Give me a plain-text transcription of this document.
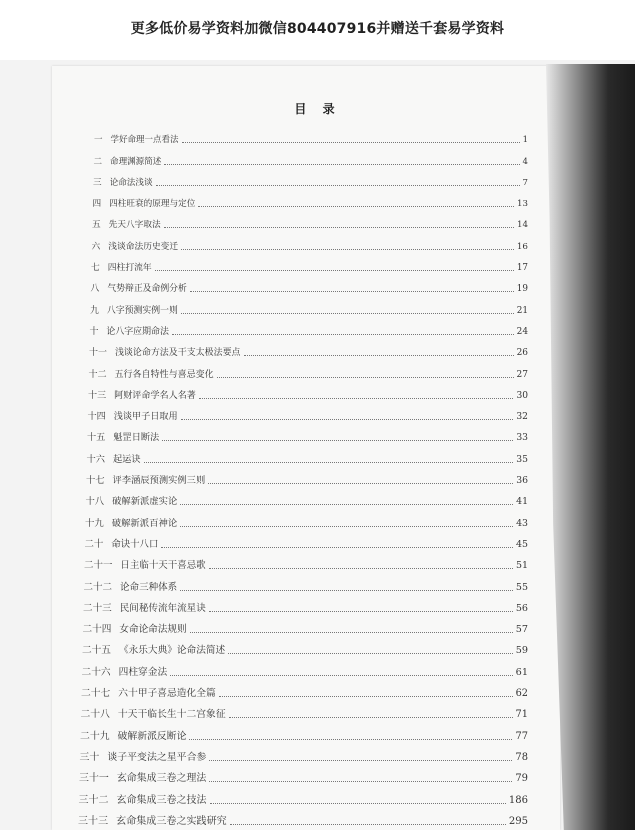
更多低价易学资料加微信804407916并赠送千套易学资料
目 录
一 学好命理一点看法	1
二 命理渊源简述	4
三 论命法浅谈	7
四 四柱旺衰的原理与定位	13
五 先天八字取法	14
六 浅谈命法历史变迁	16
七 四柱打流年	17
八 气势辩正及命例分析	19
九 八字预测实例一则	21
十 论八字应期命法	24
十一 浅谈论命方法及干支太极法要点	26
十二 五行各自特性与喜忌变化	27
十三 阿财评命学名人名著	30
十四 浅谈甲子日取用	32
十五 魁罡日断法	33
十六 起运诀	35
十七 评李涵辰预测实例三则	36
十八 破解新派虚实论	41
十九 破解新派百神论	43
二十 命诀十八口	45
二十一 日主临十天干喜忌歌	51
二十二 论命三种体系	55
二十三 民间秘传流年流星诀	56
二十四 女命论命法规则	57
二十五 《永乐大典》论命法简述	59
二十六 四柱穿金法	61
二十七 六十甲子喜忌造化全篇	62
二十八 十天干临长生十二宫象征	71
二十九 破解新派反断论	77
三十 谈子平变法之星平合参	78
三十一 玄命集成三卷之理法	79
三十二 玄命集成三卷之技法	186
三十三 玄命集成三卷之实践研究	295
